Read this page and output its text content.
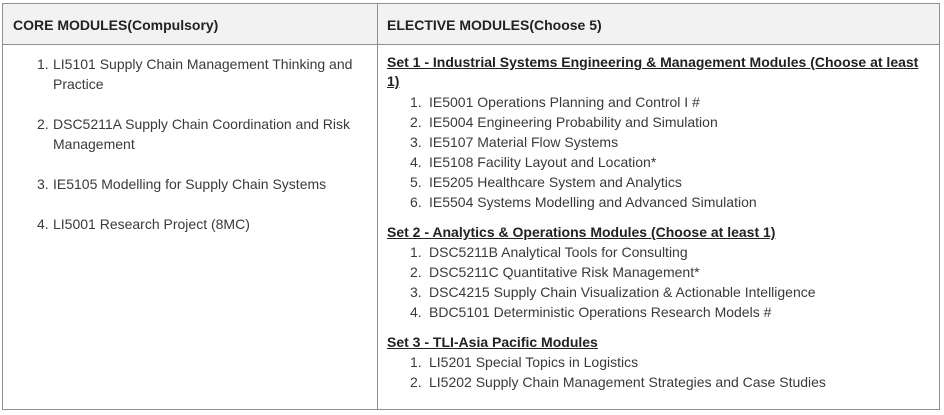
CORE MODULES(Compulsory)	ELECTIVE MODULES(Choose 5)
1. LI5101 Supply Chain Management Thinking and Practice
2. DSC5211A Supply Chain Coordination and Risk Management
3. IE5105 Modelling for Supply Chain Systems
4. LI5001 Research Project (8MC)
Set 1 - Industrial Systems Engineering & Management Modules (Choose at least 1)
1. IE5001 Operations Planning and Control I #
2. IE5004 Engineering Probability and Simulation
3. IE5107 Material Flow Systems
4. IE5108 Facility Layout and Location*
5. IE5205 Healthcare System and Analytics
6. IE5504 Systems Modelling and Advanced Simulation
Set 2 - Analytics & Operations Modules (Choose at least 1)
1. DSC5211B Analytical Tools for Consulting
2. DSC5211C Quantitative Risk Management*
3. DSC4215 Supply Chain Visualization & Actionable Intelligence
4. BDC5101 Deterministic Operations Research Models #
Set 3 - TLI-Asia Pacific Modules
1. LI5201 Special Topics in Logistics
2. LI5202 Supply Chain Management Strategies and Case Studies
